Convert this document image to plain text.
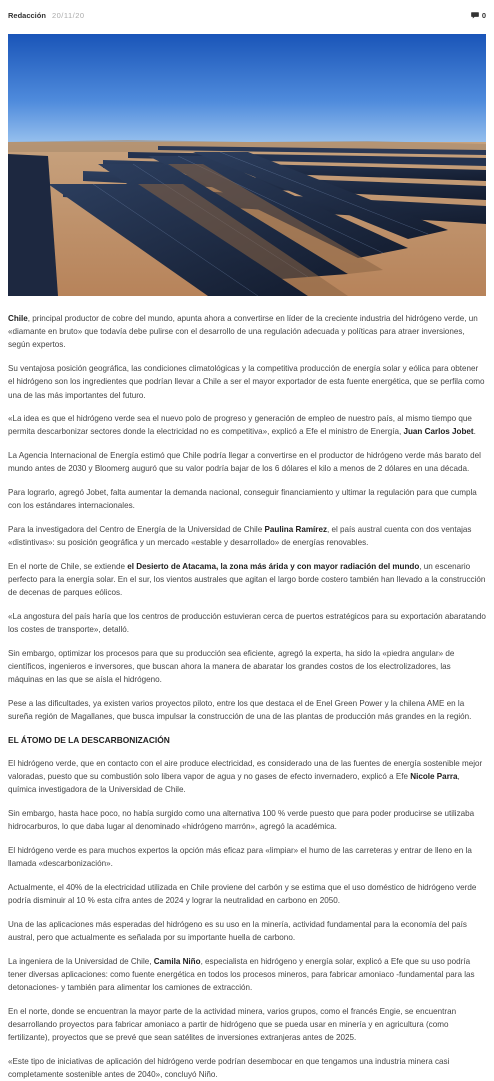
Redacción 20/11/20	0

Chile, principal productor de cobre del mundo, apunta ahora a convertirse en líder de la creciente industria del hidrógeno verde, un «diamante en bruto» que todavía debe pulirse con el desarrollo de una regulación adecuada y políticas para atraer inversiones, según expertos.

Su ventajosa posición geográfica, las condiciones climatológicas y la competitiva producción de energía solar y eólica para obtener el hidrógeno son los ingredientes que podrían llevar a Chile a ser el mayor exportador de esta fuente energética, que se perfila como una de las más importantes del futuro.

«La idea es que el hidrógeno verde sea el nuevo polo de progreso y generación de empleo de nuestro país, al mismo tiempo que permita descarbonizar sectores donde la electricidad no es competitiva», explicó a Efe el ministro de Energía, Juan Carlos Jobet.

La Agencia Internacional de Energía estimó que Chile podría llegar a convertirse en el productor de hidrógeno verde más barato del mundo antes de 2030 y Bloomerg auguró que su valor podría bajar de los 6 dólares el kilo a menos de 2 dólares en una década.

Para lograrlo, agregó Jobet, falta aumentar la demanda nacional, conseguir financiamiento y ultimar la regulación para que cumpla con los estándares internacionales.

Para la investigadora del Centro de Energía de la Universidad de Chile Paulina Ramírez, el país austral cuenta con dos ventajas «distintivas»: su posición geográfica y un mercado «estable y desarrollado» de energías renovables.

En el norte de Chile, se extiende el Desierto de Atacama, la zona más árida y con mayor radiación del mundo, un escenario perfecto para la energía solar. En el sur, los vientos australes que agitan el largo borde costero también han llevado a la construcción de decenas de parques eólicos.

«La angostura del país haría que los centros de producción estuvieran cerca de puertos estratégicos para su exportación abaratando los costes de transporte», detalló.

Sin embargo, optimizar los procesos para que su producción sea eficiente, agregó la experta, ha sido la «piedra angular» de científicos, ingenieros e inversores, que buscan ahora la manera de abaratar los grandes costos de los electrolizadores, las máquinas en las que se aísla el hidrógeno.

Pese a las dificultades, ya existen varios proyectos piloto, entre los que destaca el de Enel Green Power y la chilena AME en la sureña región de Magallanes, que busca impulsar la construcción de una de las plantas de producción más grandes en la región.

EL ÁTOMO DE LA DESCARBONIZACIÓN

El hidrógeno verde, que en contacto con el aire produce electricidad, es considerado una de las fuentes de energía sostenible mejor valoradas, puesto que su combustión solo libera vapor de agua y no gases de efecto invernadero, explicó a Efe Nicole Parra, química investigadora de la Universidad de Chile.

Sin embargo, hasta hace poco, no había surgido como una alternativa 100 % verde puesto que para poder producirse se utilizaba hidrocarburos, lo que daba lugar al denominado «hidrógeno marrón», agregó la académica.

El hidrógeno verde es para muchos expertos la opción más eficaz para «limpiar» el humo de las carreteras y entrar de lleno en la llamada «descarbonización».

Actualmente, el 40% de la electricidad utilizada en Chile proviene del carbón y se estima que el uso doméstico de hidrógeno verde podría disminuir al 10 % esta cifra antes de 2024 y lograr la neutralidad en carbono en 2050.

Una de las aplicaciones más esperadas del hidrógeno es su uso en la minería, actividad fundamental para la economía del país austral, pero que actualmente es señalada por su importante huella de carbono.

La ingeniera de la Universidad de Chile, Camila Niño, especialista en hidrógeno y energía solar, explicó a Efe que su uso podría tener diversas aplicaciones: como fuente energética en todos los procesos mineros, para fabricar amoniaco -fundamental para las detonaciones- y también para alimentar los camiones de extracción.

En el norte, donde se encuentran la mayor parte de la actividad minera, varios grupos, como el francés Engie, se encuentran desarrollando proyectos para fabricar amoniaco a partir de hidrógeno que se pueda usar en minería y en agricultura (como fertilizante), proyectos que se prevé que sean satélites de inversiones extranjeras antes de 2025.

«Este tipo de iniciativas de aplicación del hidrógeno verde podrían desembocar en que tengamos una industria minera casi completamente sostenible antes de 2040», concluyó Niño.
